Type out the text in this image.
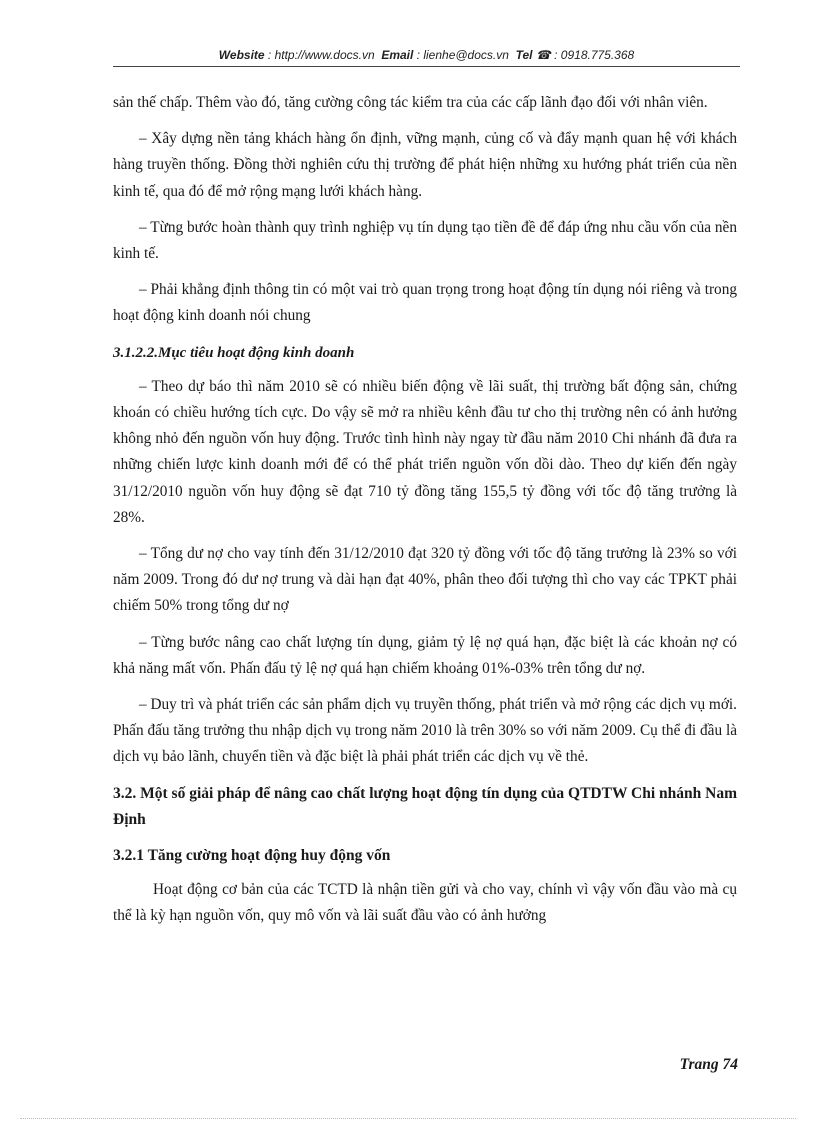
Website : http://www.docs.vn Email : lienhe@docs.vn Tel ☎ : 0918.775.368

sản thế chấp. Thêm vào đó, tăng cường công tác kiểm tra của các cấp lãnh đạo đối với nhân viên.

– Xây dựng nền tảng khách hàng ổn định, vững mạnh, củng cố và đẩy mạnh quan hệ với khách hàng truyền thống. Đồng thời nghiên cứu thị trường để phát hiện những xu hướng phát triển của nền kinh tế, qua đó để mở rộng mạng lưới khách hàng.

– Từng bước hoàn thành quy trình nghiệp vụ tín dụng tạo tiền đề để đáp ứng nhu cầu vốn của nền kinh tế.

– Phải khẳng định thông tin có một vai trò quan trọng trong hoạt động tín dụng nói riêng và trong hoạt động kinh doanh nói chung

3.1.2.2.Mục tiêu hoạt động kinh doanh

– Theo dự báo thì năm 2010 sẽ có nhiều biến động về lãi suất, thị trường bất động sản, chứng khoán có chiều hướng tích cực. Do vậy sẽ mở ra nhiều kênh đầu tư cho thị trường nên có ảnh hưởng không nhỏ đến nguồn vốn huy động. Trước tình hình này ngay từ đầu năm 2010 Chi nhánh đã đưa ra những chiến lược kinh doanh mới để có thể phát triển nguồn vốn dồi dào. Theo dự kiến đến ngày 31/12/2010 nguồn vốn huy động sẽ đạt 710 tỷ đồng tăng 155,5 tỷ đồng với tốc độ tăng trưởng là 28%.

– Tổng dư nợ cho vay tính đến 31/12/2010 đạt 320 tỷ đồng với tốc độ tăng trưởng là 23% so với năm 2009. Trong đó dư nợ trung và dài hạn đạt 40%, phân theo đối tượng thì cho vay các TPKT phải chiếm 50% trong tổng dư nợ

– Từng bước nâng cao chất lượng tín dụng, giảm tỷ lệ nợ quá hạn, đặc biệt là các khoản nợ có khả năng mất vốn. Phấn đấu tỷ lệ nợ quá hạn chiếm khoảng 01%-03% trên tổng dư nợ.

– Duy trì và phát triển các sản phẩm dịch vụ truyền thống, phát triển và mở rộng các dịch vụ mới. Phấn đấu tăng trưởng thu nhập dịch vụ trong năm 2010 là trên 30% so với năm 2009. Cụ thể đi đầu là dịch vụ bảo lãnh, chuyển tiền và đặc biệt là phải phát triển các dịch vụ về thẻ.

3.2. Một số giải pháp để nâng cao chất lượng hoạt động tín dụng của QTDTW Chi nhánh Nam Định
3.2.1 Tăng cường hoạt động huy động vốn

Hoạt động cơ bản của các TCTD là nhận tiền gửi và cho vay, chính vì vậy vốn đầu vào mà cụ thể là kỳ hạn nguồn vốn, quy mô vốn và lãi suất đầu vào có ảnh hưởng

Trang 74
